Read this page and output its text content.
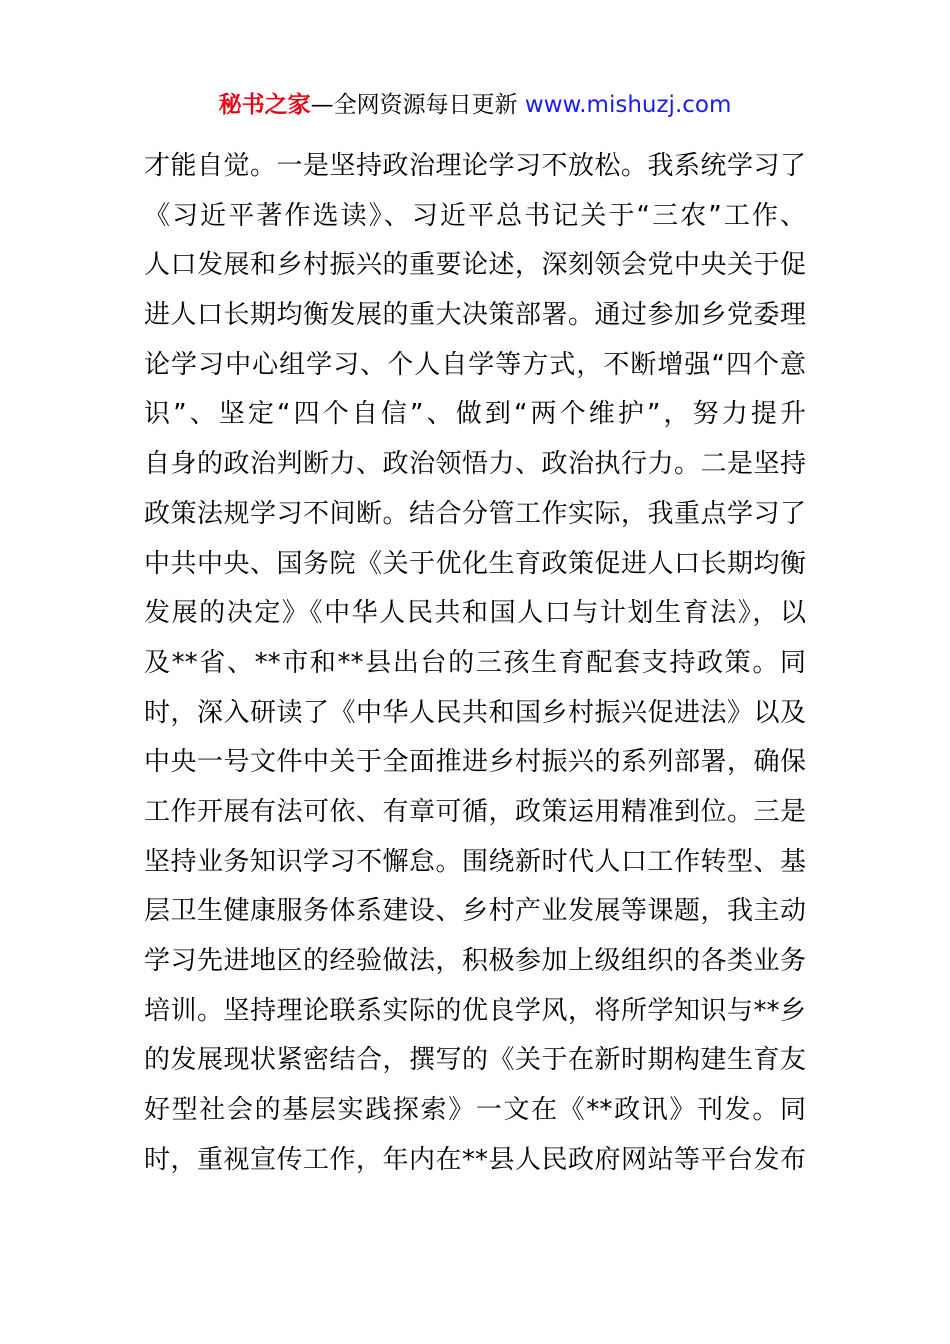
秘书之家—全网资源每日更新 www.mishuzj.com
才能自觉。一是坚持政治理论学习不放松。我系统学习了
《习近平著作选读》、习近平总书记关于“三农”工作、
人口发展和乡村振兴的重要论述，深刻领会党中央关于促
进人口长期均衡发展的重大决策部署。通过参加乡党委理
论学习中心组学习、个人自学等方式，不断增强“四个意
识”、坚定“四个自信”、做到“两个维护”，努力提升
自身的政治判断力、政治领悟力、政治执行力。二是坚持
政策法规学习不间断。结合分管工作实际，我重点学习了
中共中央、国务院《关于优化生育政策促进人口长期均衡
发展的决定》《中华人民共和国人口与计划生育法》，以
及**省、**市和**县出台的三孩生育配套支持政策。同
时，深入研读了《中华人民共和国乡村振兴促进法》以及
中央一号文件中关于全面推进乡村振兴的系列部署，确保
工作开展有法可依、有章可循，政策运用精准到位。三是
坚持业务知识学习不懈怠。围绕新时代人口工作转型、基
层卫生健康服务体系建设、乡村产业发展等课题，我主动
学习先进地区的经验做法，积极参加上级组织的各类业务
培训。坚持理论联系实际的优良学风，将所学知识与**乡
的发展现状紧密结合，撰写的《关于在新时期构建生育友
好型社会的基层实践探索》一文在《**政讯》刊发。同
时，重视宣传工作，年内在**县人民政府网站等平台发布
